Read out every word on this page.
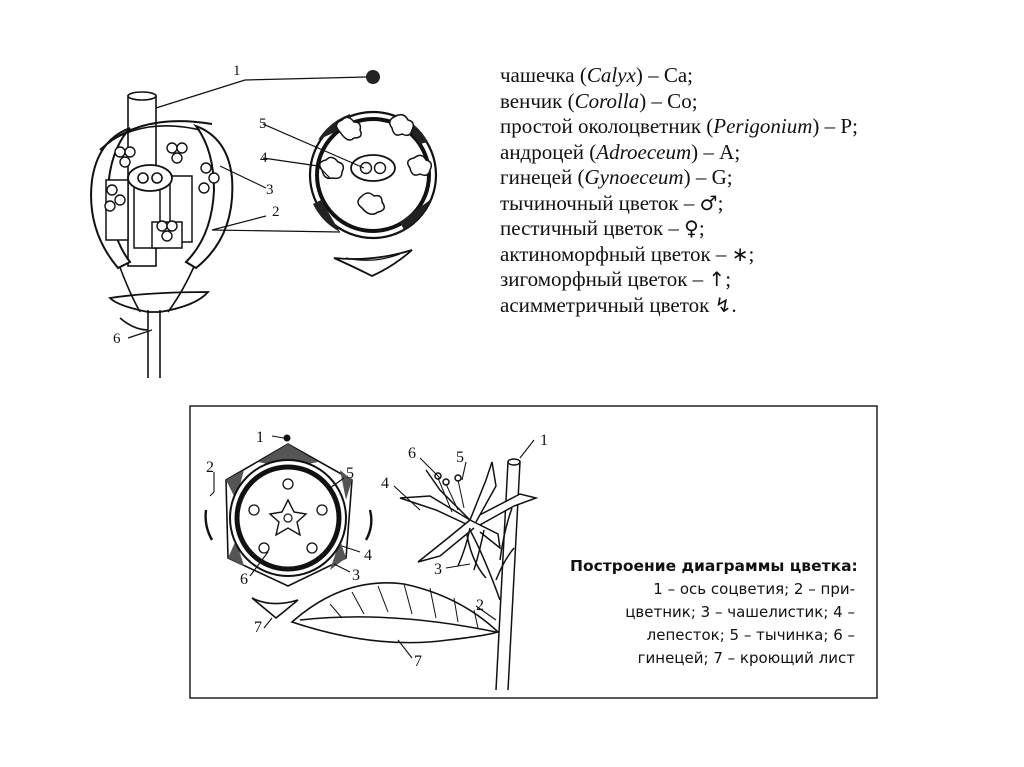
1
2
3
4
5
6
1
2	5
4
6	3
7
1
2
3
4
5
6
7
чашечка (Calyx) – Ca;
венчик (Corolla) – Co;
простой околоцветник (Perigonium) – P;
андроцей (Adroeceum) – A;
гинецей (Gynoeceum) – G;
тычиночный цветок – ♂;
пестичный цветок – ♀;
актиноморфный цветок – ∗;
зигоморфный цветок – ↑;
асимметричный цветок ↯.
Построение диаграммы цветка:
1 – ось соцветия; 2 – при-
цветник; 3 – чашелистик; 4 –
лепесток; 5 – тычинка; 6 –
гинецей; 7 – кроющий лист
